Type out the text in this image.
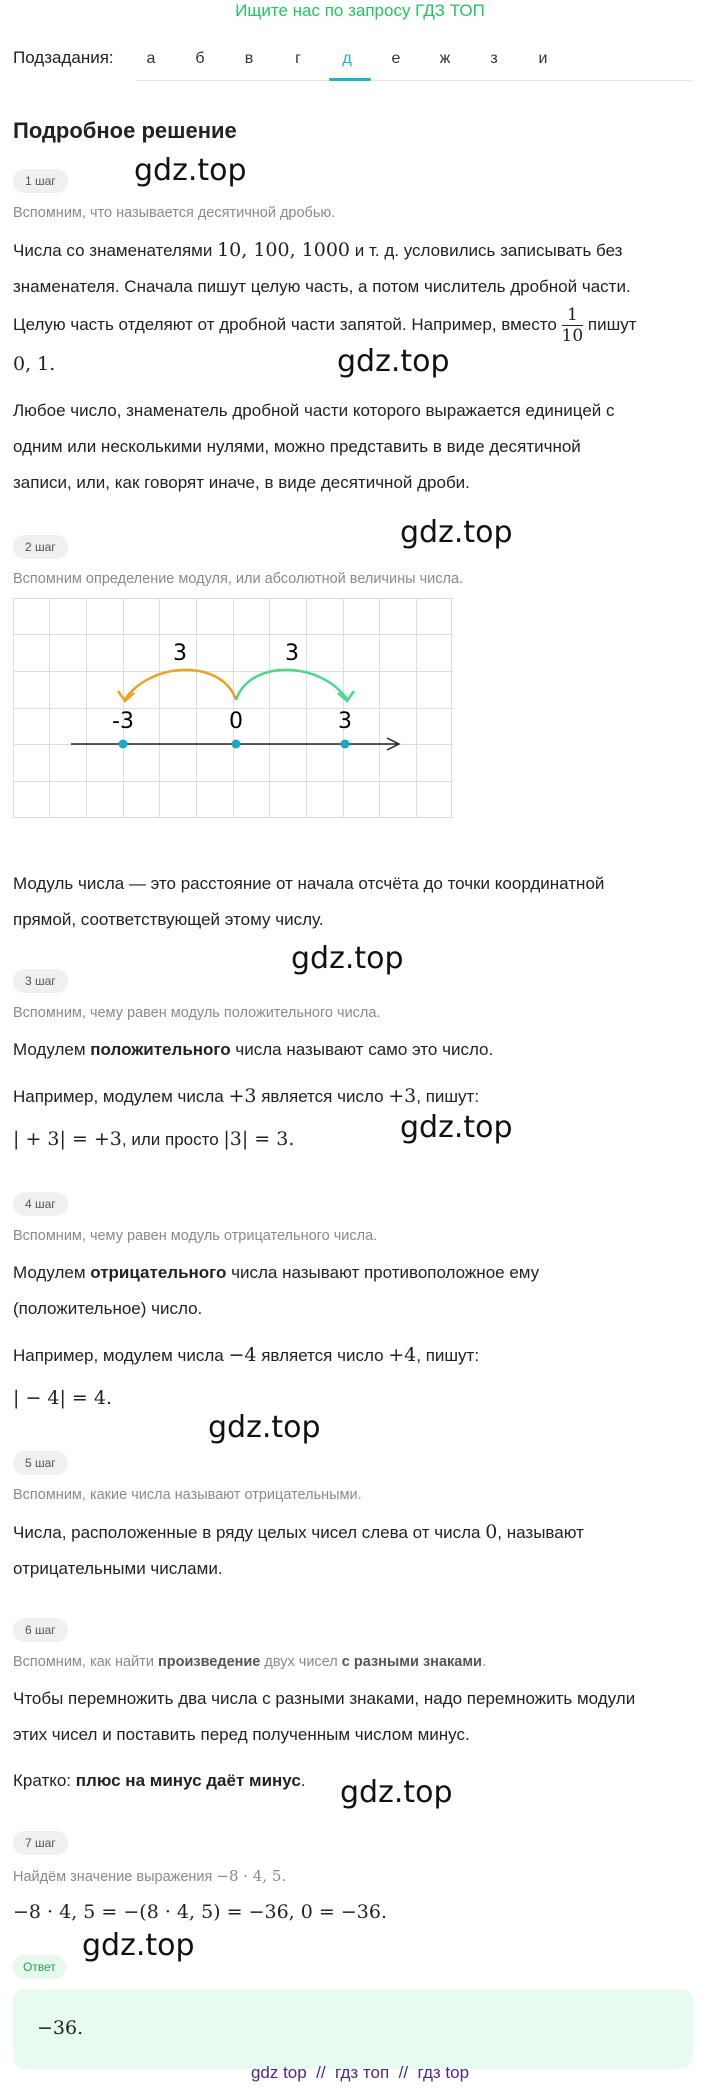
Ищите нас по запросу ГДЗ ТОП
Подзадания:	а	б	в	г	д	е	ж	з	и
Подробное решение
1 шаг	gdz.top
Вспомним, что называется десятичной дробью.
Числа со знаменателями 10, 100, 1000 и т. д. условились записывать без
знаменателя. Сначала пишут целую часть, а потом числитель дробной части.
Целую часть отделяют от дробной части запятой. Например, вместо $\frac{1}{10}$ пишут
0, 1.	gdz.top
Любое число, знаменатель дробной части которого выражается единицей с
одним или несколькими нулями, можно представить в виде десятичной
записи, или, как говорят иначе, в виде десятичной дроби.
gdz.top
2 шаг
Вспомним определение модуля, или абсолютной величины числа.
3	3
-3	0	3
Модуль числа — это расстояние от начала отсчёта до точки координатной
прямой, соответствующей этому числу.
gdz.top
3 шаг
Вспомним, чему равен модуль положительного числа.
Модулем положительного числа называют само это число.
Например, модулем числа +3 является число +3, пишут:
gdz.top
| + 3| = +3, или просто |3| = 3.
4 шаг
Вспомним, чему равен модуль отрицательного числа.
Модулем отрицательного числа называют противоположное ему
(положительное) число.
Например, модулем числа −4 является число +4, пишут:
| − 4| = 4.
gdz.top
5 шаг
Вспомним, какие числа называют отрицательными.
Числа, расположенные в ряду целых чисел слева от числа 0, называют
отрицательными числами.
6 шаг
Вспомним, как найти произведение двух чисел с разными знаками.
Чтобы перемножить два числа с разными знаками, надо перемножить модули
этих чисел и поставить перед полученным числом минус.
Кратко: плюс на минус даёт минус.	gdz.top
7 шаг
Найдём значение выражения −8 · 4, 5.
−8 · 4, 5 = −(8 · 4, 5) = −36, 0 = −36.
gdz.top
Ответ
−36.
gdz top  //  гдз топ  //  гдз top
